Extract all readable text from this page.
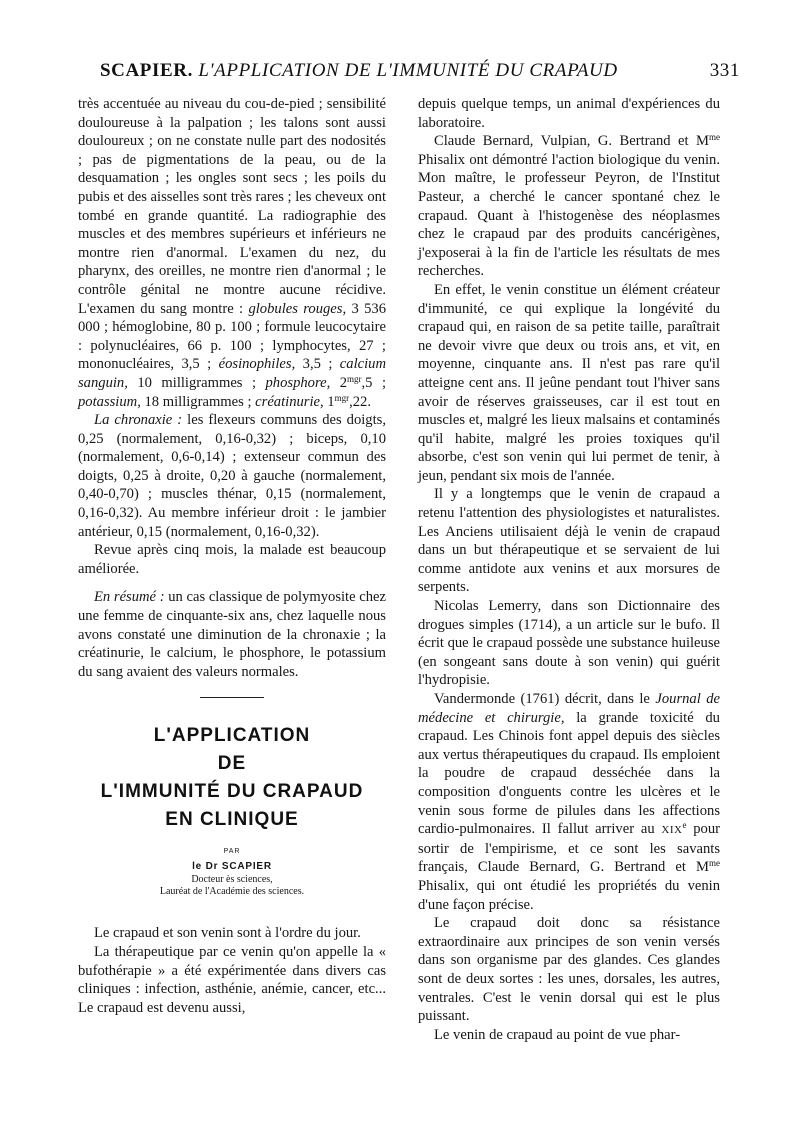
SCAPIER. L'APPLICATION DE L'IMMUNITÉ DU CRAPAUD	331

très accentuée au niveau du cou-de-pied ; sensibilité douloureuse à la palpation ; les talons sont aussi douloureux ; on ne constate nulle part des nodosités ; pas de pigmentations de la peau, ou de la desquamation ; les ongles sont secs ; les poils du pubis et des aisselles sont très rares ; les cheveux ont tombé en grande quantité. La radiographie des muscles et des membres supérieurs et inférieurs ne montre rien d'anormal. L'examen du nez, du pharynx, des oreilles, ne montre rien d'anormal ; le contrôle génital ne montre aucune récidive. L'examen du sang montre : globules rouges, 3 536 000 ; hémoglobine, 80 p. 100 ; formule leucocytaire : polynucléaires, 66 p. 100 ; lymphocytes, 27 ; mononucléaires, 3,5 ; éosinophiles, 3,5 ; calcium sanguin, 10 milligrammes ; phosphore, $2^{mgr},5$ ; potassium, 18 milligrammes ; créatinurie, $1^{mgr},22$.

La chronaxie : les flexeurs communs des doigts, 0,25 (normalement, 0,16-0,32) ; biceps, 0,10 (normalement, 0,6-0,14) ; extenseur commun des doigts, 0,25 à droite, 0,20 à gauche (normalement, 0,40-0,70) ; muscles thénar, 0,15 (normalement, 0,16-0,32). Au membre inférieur droit : le jambier antérieur, 0,15 (normalement, 0,16-0,32).

Revue après cinq mois, la malade est beaucoup améliorée.

En résumé : un cas classique de polymyosite chez une femme de cinquante-six ans, chez laquelle nous avons constaté une diminution de la chronaxie ; la créatinurie, le calcium, le phosphore, le potassium du sang avaient des valeurs normales.

L'APPLICATION
DE
L'IMMUNITÉ DU CRAPAUD
EN CLINIQUE
PAR
le Dr SCAPIER
Docteur ès sciences,
Lauréat de l'Académie des sciences.

Le crapaud et son venin sont à l'ordre du jour.

La thérapeutique par ce venin qu'on appelle la « bufothérapie » a été expérimentée dans divers cas cliniques : infection, asthénie, anémie, cancer, etc... Le crapaud est devenu aussi,

depuis quelque temps, un animal d'expériences du laboratoire.

Claude Bernard, Vulpian, G. Bertrand et $M^{me}$ Phisalix ont démontré l'action biologique du venin. Mon maître, le professeur Peyron, de l'Institut Pasteur, a cherché le cancer spontané chez le crapaud. Quant à l'histogenèse des néoplasmes chez le crapaud par des produits cancérigènes, j'exposerai à la fin de l'article les résultats de mes recherches.

En effet, le venin constitue un élément créateur d'immunité, ce qui explique la longévité du crapaud qui, en raison de sa petite taille, paraîtrait ne devoir vivre que deux ou trois ans, et vit, en moyenne, cinquante ans. Il n'est pas rare qu'il atteigne cent ans. Il jeûne pendant tout l'hiver sans avoir de réserves graisseuses, car il est tout en muscles et, malgré les lieux malsains et contaminés qu'il habite, malgré les proies toxiques qu'il absorbe, c'est son venin qui lui permet de tenir, à jeun, pendant six mois de l'année.

Il y a longtemps que le venin de crapaud a retenu l'attention des physiologistes et naturalistes. Les Anciens utilisaient déjà le venin de crapaud dans un but thérapeutique et se servaient de lui comme antidote aux venins et aux morsures de serpents.

Nicolas Lemerry, dans son Dictionnaire des drogues simples (1714), a un article sur le bufo. Il écrit que le crapaud possède une substance huileuse (en songeant sans doute à son venin) qui guérit l'hydropisie.

Vandermonde (1761) décrit, dans le Journal de médecine et chirurgie, la grande toxicité du crapaud. Les Chinois font appel depuis des siècles aux vertus thérapeutiques du crapaud. Ils emploient la poudre de crapaud desséchée dans la composition d'onguents contre les ulcères et le venin sous forme de pilules dans les affections cardio-pulmonaires. Il fallut arriver au XIXe pour sortir de l'empirisme, et ce sont les savants français, Claude Bernard, G. Bertrand et $M^{me}$ Phisalix, qui ont étudié les propriétés du venin d'une façon précise.

Le crapaud doit donc sa résistance extraordinaire aux principes de son venin versés dans son organisme par des glandes. Ces glandes sont de deux sortes : les unes, dorsales, les autres, ventrales. C'est le venin dorsal qui est le plus puissant.

Le venin de crapaud au point de vue phar-
